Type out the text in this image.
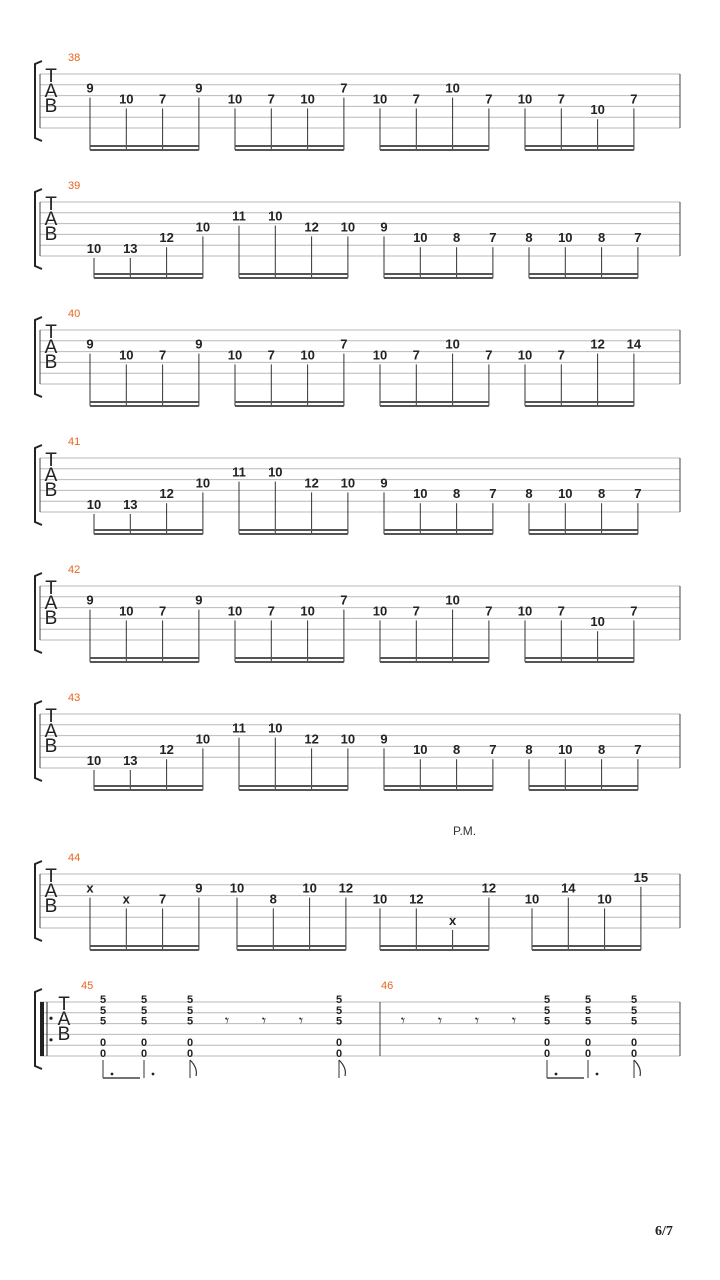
T
A
B
38
9
10 7
9
10 7 10
7
10 7
10
7 10 7
10
7
T
A
B
39
10 13
12
10
11 10
12 10 9
10 8 7 8 10 8 7
T
A
B
40
9
10 7
9
10 7 10
7
10 7
10
7 10 7
12 14
T
A
B
41
10 13
12
10
11 10
12 10 9
10 8 7 8 10 8 7
T
A
B
42
9
10 7
9
10 7 10
7
10 7
10
7 10 7
10
7
T
A
B
43
10 13
12
10
11 10
12 10 9
10 8 7 8 10 8 7
T
A
B
44
x
x 7
9 10
8
10 12
10 12
x
12
10
14
10
15
P.M.
T
A
B
45	46
5
5
5
0
0
5
5
5
0
0
5
5
5
0
0
5
5
5
0
0
𝄾 𝄾 𝄾	𝄾 𝄾 𝄾 𝄾
5
5
5
0
0
5
5
5
0
0
5
5
5
0
0
6/7
